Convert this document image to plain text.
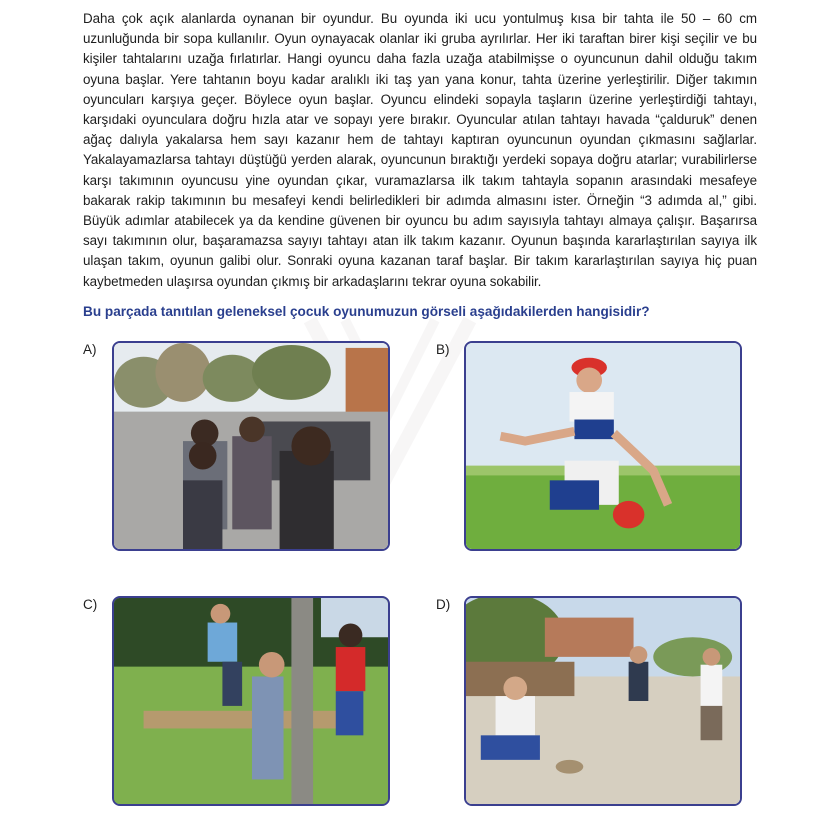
Daha çok açık alanlarda oynanan bir oyundur. Bu oyunda iki ucu yontulmuş kısa bir tahta ile 50 – 60 cm uzunluğunda bir sopa kullanılır. Oyun oynayacak olanlar iki gruba ayrılırlar. Her iki taraftan birer kişi seçilir ve bu kişiler tahtalarını uzağa fırlatırlar. Hangi oyuncu daha fazla uzağa atabilmişse o oyuncunun dahil olduğu takım oyuna başlar. Yere tahtanın boyu kadar aralıklı iki taş yan yana konur, tahta üzerine yerleştirilir. Diğer takımın oyuncuları karşıya geçer. Böylece oyun başlar. Oyuncu elindeki sopayla taşların üzerine yerleştirdiği tahtayı, karşıdaki oyunculara doğru hızla atar ve sopayı yere bırakır. Oyuncular atılan tahtayı havada “çalduruk” denen ağaç dalıyla yakalarsa hem sayı kazanır hem de tahtayı kaptıran oyuncunun oyundan çıkmasını sağlarlar. Yakalayamazlarsa tahtayı düştüğü yerden alarak, oyuncunun bıraktığı yerdeki sopaya doğru atarlar; vurabilirlerse karşı takımının oyuncusu yine oyundan çıkar, vuramazlarsa ilk takım tahtayla sopanın arasındaki mesafeye bakarak rakip takımının bu mesafeyi kendi belirledikleri bir adımda almasını ister. Örneğin “3 adımda al,” gibi. Büyük adımlar atabilecek ya da kendine güvenen bir oyuncu bu adım sayısıyla tahtayı almaya çalışır. Başarırsa sayı takımının olur, başaramazsa sayıyı tahtayı atan ilk takım kazanır. Oyunun başında kararlaştırılan sayıya ilk ulaşan takım, oyunun galibi olur. Sonraki oyuna kazanan taraf başlar. Bir takım kararlaştırılan sayıya hiç puan kaybetmeden ulaşırsa oyundan çıkmış bir arkadaşlarını tekrar oyuna sokabilir.
Bu parçada tanıtılan geleneksel çocuk oyunumuzun görseli aşağıdakilerden hangisidir?
A)	B)
C)	D)
